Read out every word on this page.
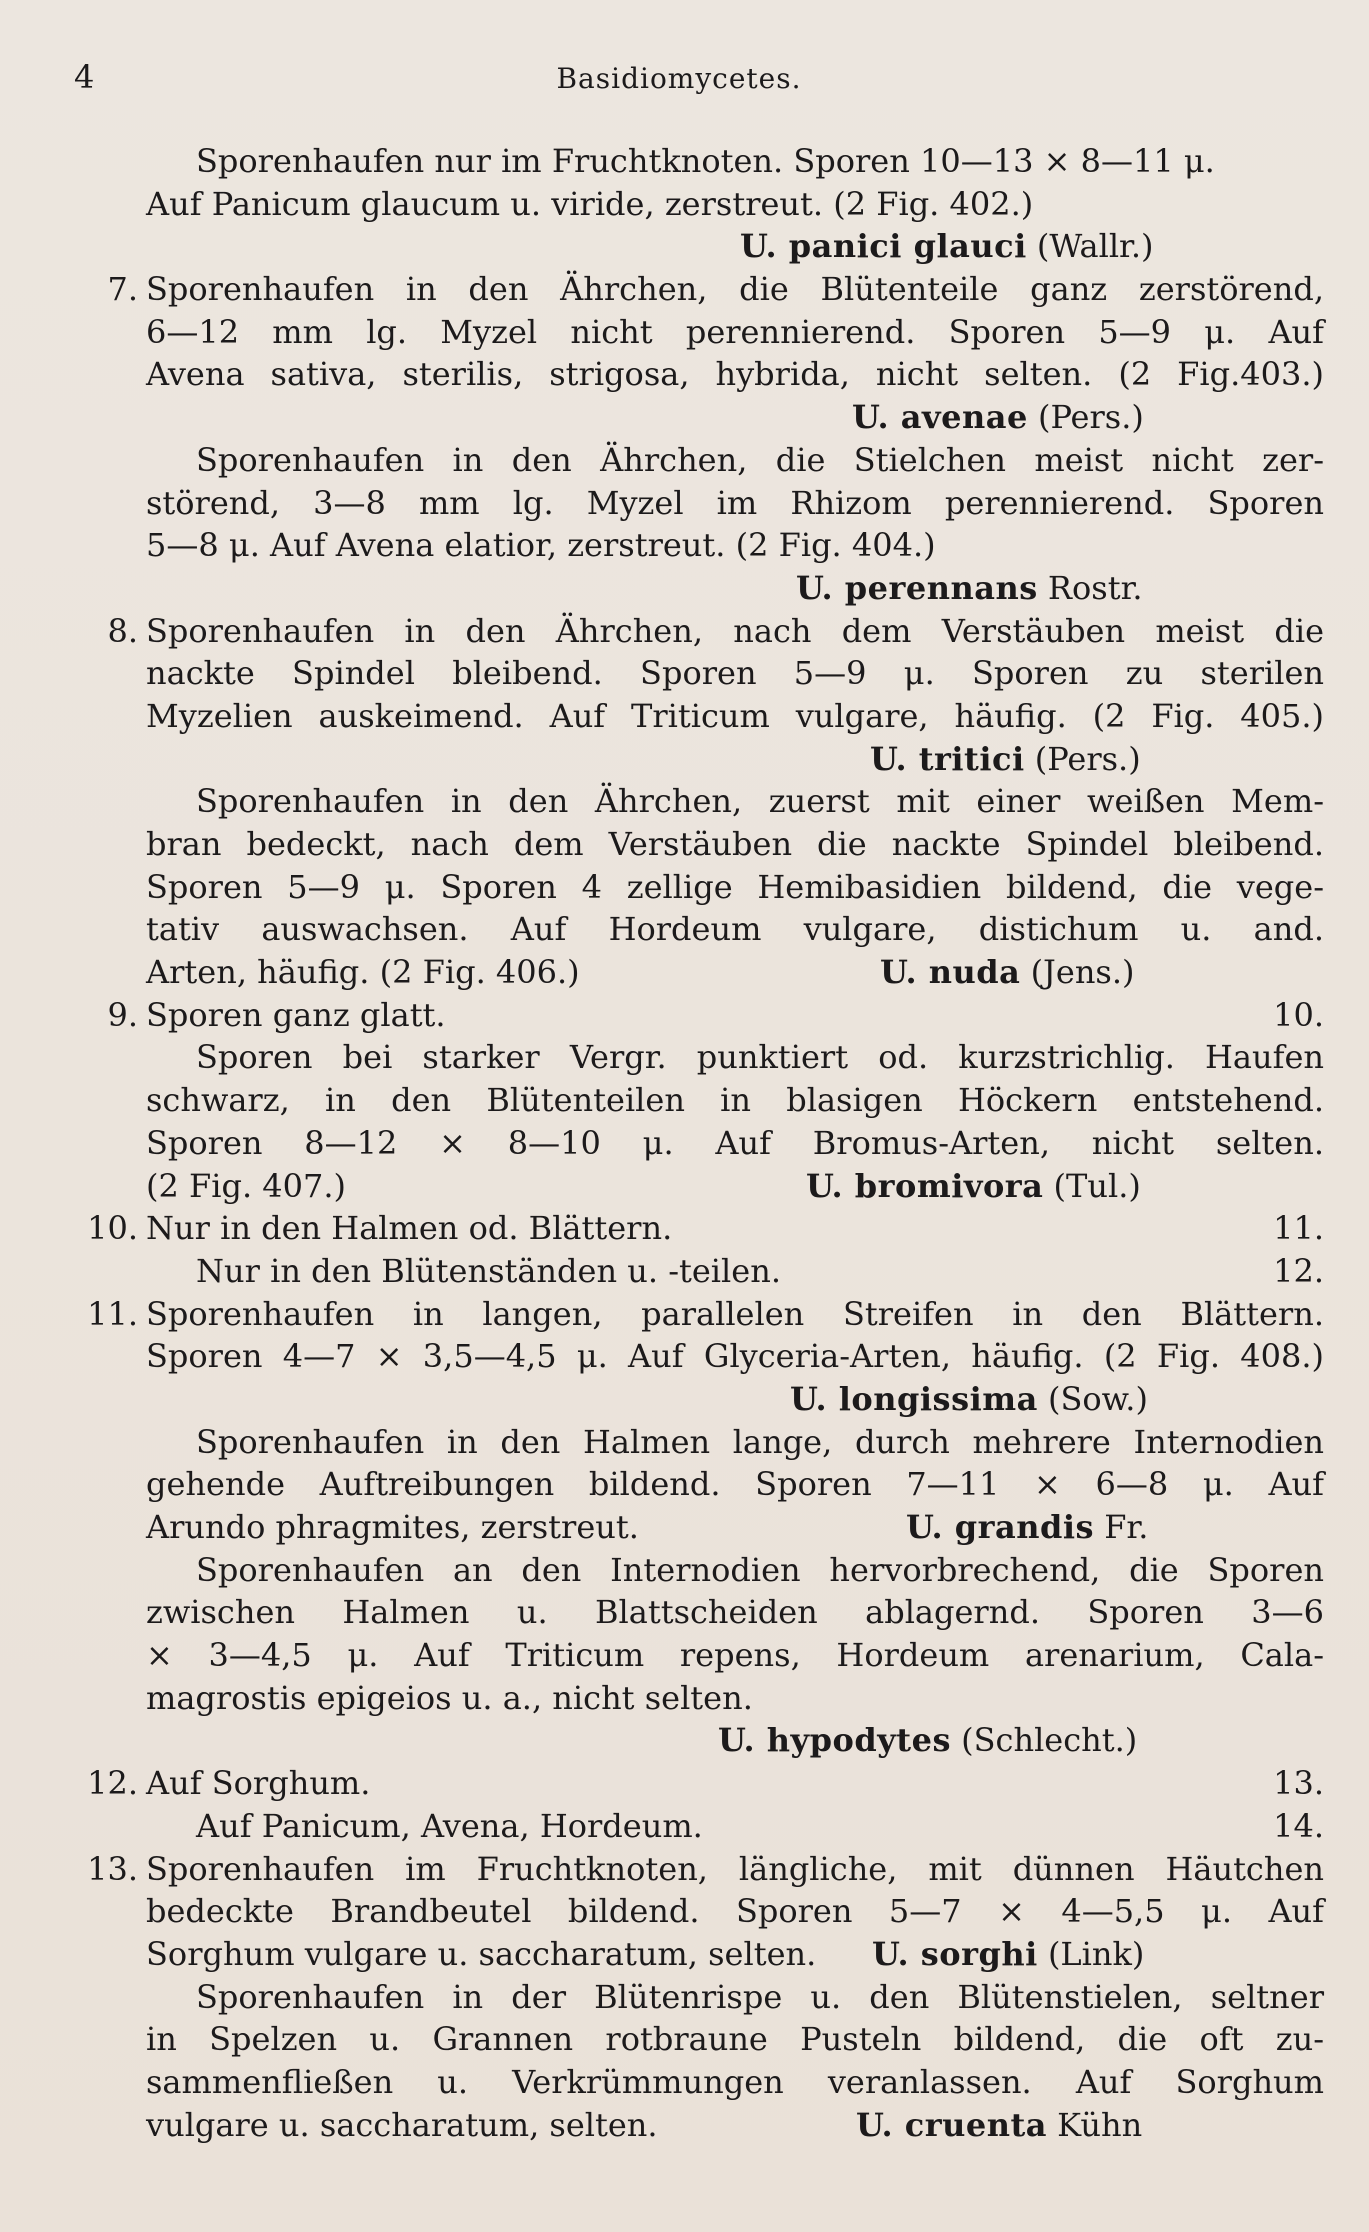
4	Basidiomycetes.
Sporenhaufen nur im Fruchtknoten. Sporen 10—13 × 8—11 μ.
Auf Panicum glaucum u. viride, zerstreut. (2 Fig. 402.)
U. panici glauci (Wallr.)
7. Sporenhaufen in den Ährchen, die Blütenteile ganz zerstörend,
6—12 mm lg. Myzel nicht perennierend. Sporen 5—9 μ. Auf
Avena sativa, sterilis, strigosa, hybrida, nicht selten. (2 Fig.403.)
U. avenae (Pers.)
Sporenhaufen in den Ährchen, die Stielchen meist nicht zer-
störend, 3—8 mm lg. Myzel im Rhizom perennierend. Sporen
5—8 μ. Auf Avena elatior, zerstreut. (2 Fig. 404.)
U. perennans Rostr.
8. Sporenhaufen in den Ährchen, nach dem Verstäuben meist die
nackte Spindel bleibend. Sporen 5—9 μ. Sporen zu sterilen
Myzelien auskeimend. Auf Triticum vulgare, häufig. (2 Fig. 405.)
U. tritici (Pers.)
Sporenhaufen in den Ährchen, zuerst mit einer weißen Mem-
bran bedeckt, nach dem Verstäuben die nackte Spindel bleibend.
Sporen 5—9 μ. Sporen 4 zellige Hemibasidien bildend, die vege-
tativ auswachsen. Auf Hordeum vulgare, distichum u. and.
Arten, häufig. (2 Fig. 406.)	U. nuda (Jens.)
9. Sporen ganz glatt.	10.
Sporen bei starker Vergr. punktiert od. kurzstrichlig. Haufen
schwarz, in den Blütenteilen in blasigen Höckern entstehend.
Sporen 8—12 × 8—10 μ. Auf Bromus-Arten, nicht selten.
(2 Fig. 407.)	U. bromivora (Tul.)
10. Nur in den Halmen od. Blättern.	11.
Nur in den Blütenständen u. -teilen.	12.
11. Sporenhaufen in langen, parallelen Streifen in den Blättern.
Sporen 4—7 × 3,5—4,5 μ. Auf Glyceria-Arten, häufig. (2 Fig. 408.)
U. longissima (Sow.)
Sporenhaufen in den Halmen lange, durch mehrere Internodien
gehende Auftreibungen bildend. Sporen 7—11 × 6—8 μ. Auf
Arundo phragmites, zerstreut.	U. grandis Fr.
Sporenhaufen an den Internodien hervorbrechend, die Sporen
zwischen Halmen u. Blattscheiden ablagernd. Sporen 3—6
× 3—4,5 μ. Auf Triticum repens, Hordeum arenarium, Cala-
magrostis epigeios u. a., nicht selten.
U. hypodytes (Schlecht.)
12. Auf Sorghum.	13.
Auf Panicum, Avena, Hordeum.	14.
13. Sporenhaufen im Fruchtknoten, längliche, mit dünnen Häutchen
bedeckte Brandbeutel bildend. Sporen 5—7 × 4—5,5 μ. Auf
Sorghum vulgare u. saccharatum, selten.	U. sorghi (Link)
Sporenhaufen in der Blütenrispe u. den Blütenstielen, seltner
in Spelzen u. Grannen rotbraune Pusteln bildend, die oft zu-
sammenfließen u. Verkrümmungen veranlassen. Auf Sorghum
vulgare u. saccharatum, selten.	U. cruenta Kühn
